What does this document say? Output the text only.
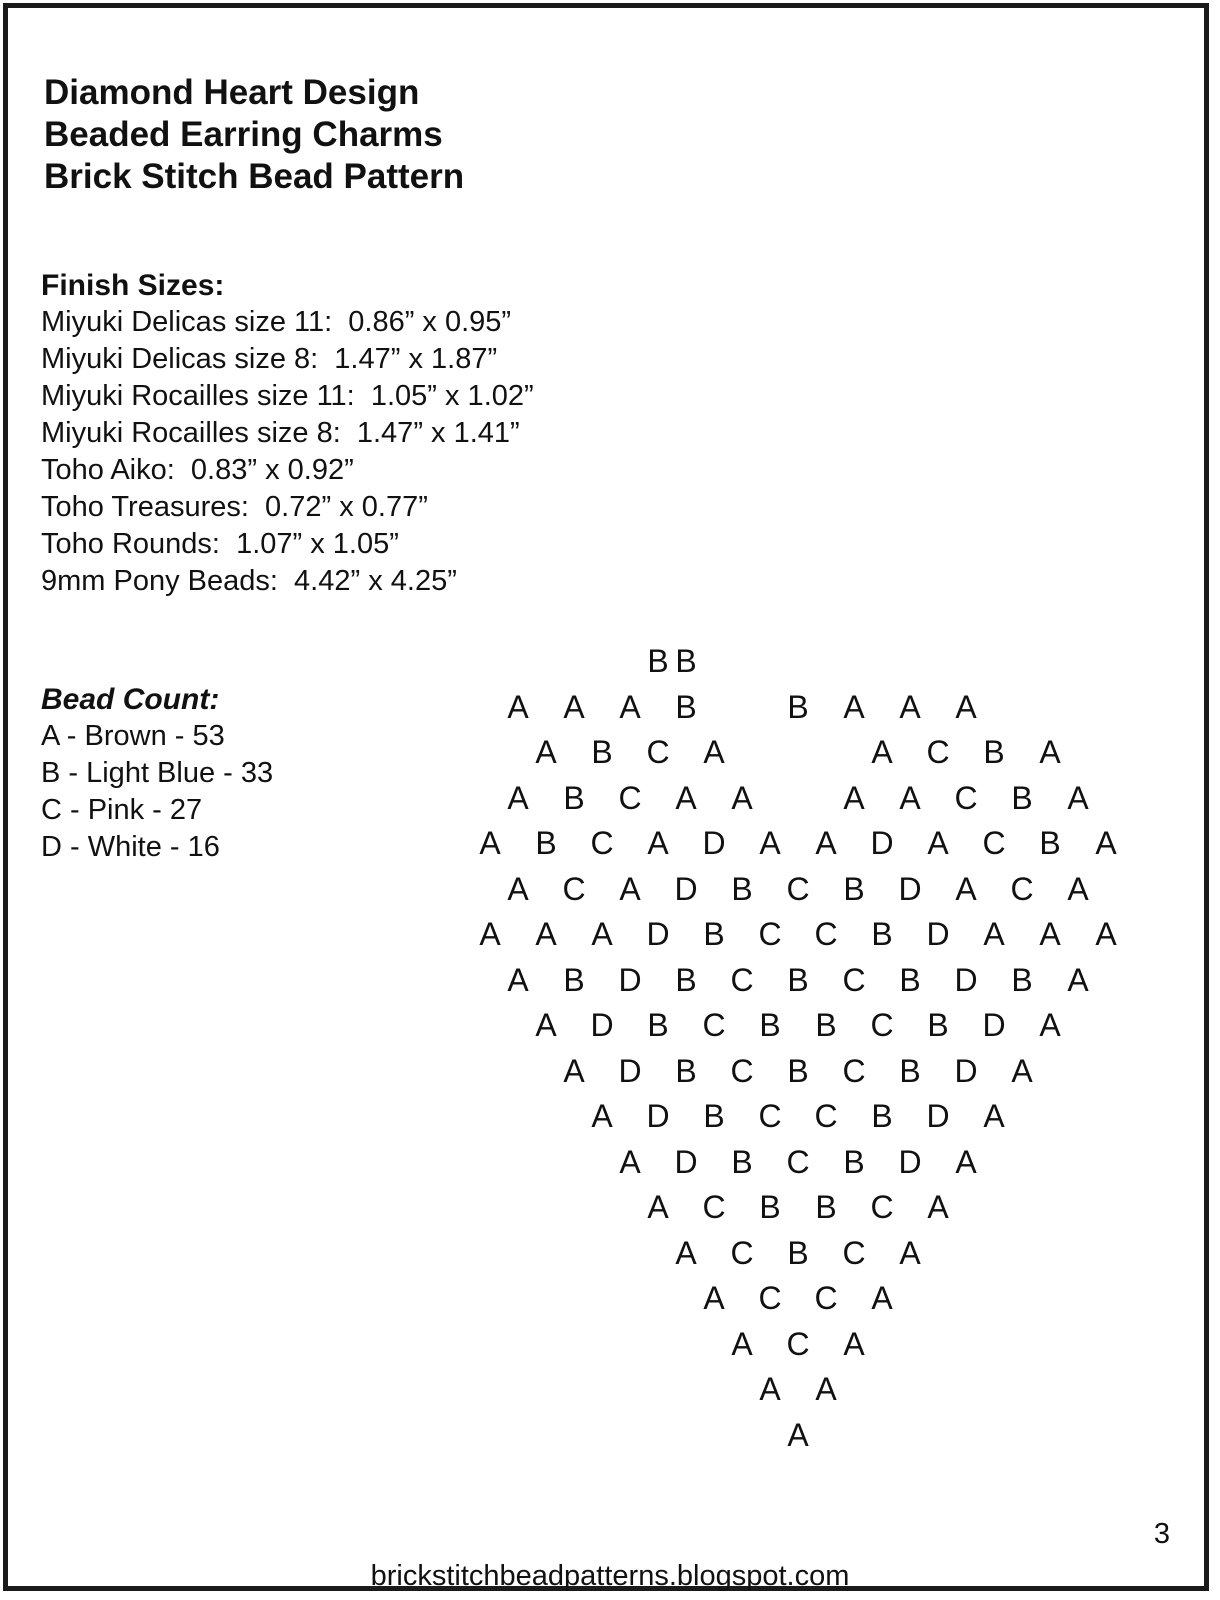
Diamond Heart Design
Beaded Earring Charms
Brick Stitch Bead Pattern
Finish Sizes:
Miyuki Delicas size 11:  0.86” x 0.95”
Miyuki Delicas size 8:  1.47” x 1.87”
Miyuki Rocailles size 11:  1.05” x 1.02”
Miyuki Rocailles size 8:  1.47” x 1.41”
Toho Aiko:  0.83” x 0.92”
Toho Treasures:  0.72” x 0.77”
Toho Rounds:  1.07” x 1.05”
9mm Pony Beads:  4.42” x 4.25”
Bead Count:
A - Brown - 53
B - Light Blue - 33
C - Pink - 27
D - White - 16
B B
A A A B	B A A A
A B C A	A C B A
A B C A A	A A C B A
A B C A D A A D A C B A
A C A D B C B D A C A
A A A D B C C B D A A A
A B D B C B C B D B A
A D B C B B C B D A
A D B C B C B D A
A D B C C B D A
A D B C B D A
A C B B C A
A C B C A
A C C A
A C A
A A
A
3
brickstitchbeadpatterns.blogspot.com
